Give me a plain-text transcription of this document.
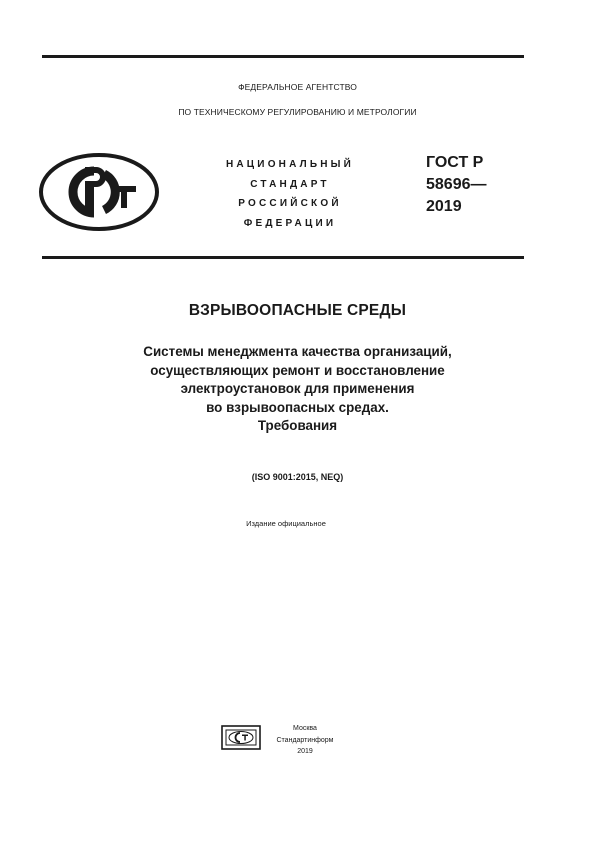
ФЕДЕРАЛЬНОЕ АГЕНТСТВО
ПО ТЕХНИЧЕСКОМУ РЕГУЛИРОВАНИЮ И МЕТРОЛОГИИ
НАЦИОНАЛЬНЫЙ
СТАНДАРТ
РОССИЙСКОЙ
ФЕДЕРАЦИИ
ГОСТ Р
58696—
2019
ВЗРЫВООПАСНЫЕ СРЕДЫ
Системы менеджмента качества организаций,
осуществляющих ремонт и восстановление
электроустановок для применения
во взрывоопасных средах.
Требования
(ISO 9001:2015, NEQ)
Издание официальное
Москва
Стандартинформ
2019
